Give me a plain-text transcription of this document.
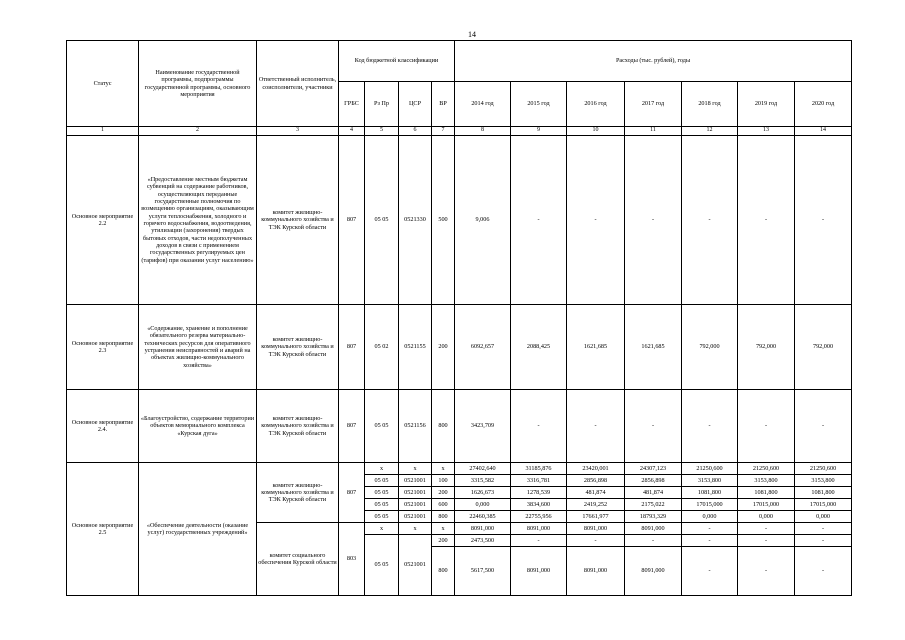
14
Статус	Наименование государственной программы, подпрограммы государственной программы, основного мероприятия	Ответственный исполнитель, соисполнители, участники	Код бюджетной классификации				Расходы (тыс. рублей), годы						
			ГРБС	Рз Пр	ЦСР	ВР	2014 год	2015 год	2016 год	2017 год	2018 год	2019 год	2020 год
1	2	3	4	5	6	7	8	9	10	11	12	13	14
Основное мероприятие 2.2	«Предоставление местным бюджетам субвенций на содержание работников, осуществляющих переданные государственные полномочия по возмещению организациям, оказывающим услуги теплоснабжения, холодного и горячего водоснабжения, водоотведения, утилизации (захоронения) твердых бытовых отходов, части недополученных доходов в связи с применением государственных регулируемых цен (тарифов) при оказании услуг населению»	комитет жилищно-коммунального хозяйства и ТЭК Курской области	807	05 05	0521330	500	9,006	-	-	-	-	-	-
Основное мероприятие 2.3	«Содержание, хранение и пополнение обязательного резерва материально-технических ресурсов для оперативного устранения неисправностей и аварий на объектах жилищно-коммунального хозяйства»	комитет жилищно-коммунального хозяйства и ТЭК Курской области	807	05 02	0521155	200	6092,657	2088,425	1621,685	1621,685	792,000	792,000	792,000
Основное мероприятие 2.4.	«Благоустройство, содержание территории объектов мемориального комплекса «Курская дуга»	комитет жилищно-коммунального хозяйства и ТЭК Курской области	807	05 05	0521156	800	3423,709	-	-	-	-	-	-
Основное мероприятие 2.5	«Обеспечение деятельности (оказание услуг) государственных учреждений»	комитет жилищно-коммунального хозяйства и ТЭК Курской области	807	x	x	x	27402,640	31185,876	23420,001	24307,123	21250,600	21250,600	21250,600
				05 05	0521001	100	3315,582	3316,781	2856,898	2856,898	3153,800	3153,800	3153,800
				05 05	0521001	200	1626,673	1278,539	481,874	481,874	1081,800	1081,800	1081,800
				05 05	0521001	600	0,000	3834,600	2419,252	2175,022	17015,000	17015,000	17015,000
				05 05	0521001	800	22460,385	22755,956	17661,977	18793,329	0,000	0,000	0,000
		комитет социального обеспечения Курской области	803	x	x	x	8091,000	8091,000	8091,000	8091,000	-	-	-
				05 05	0521001	200	2473,500	-	-	-	-	-	-
						800	5617,500	8091,000	8091,000	8091,000	-	-	-
